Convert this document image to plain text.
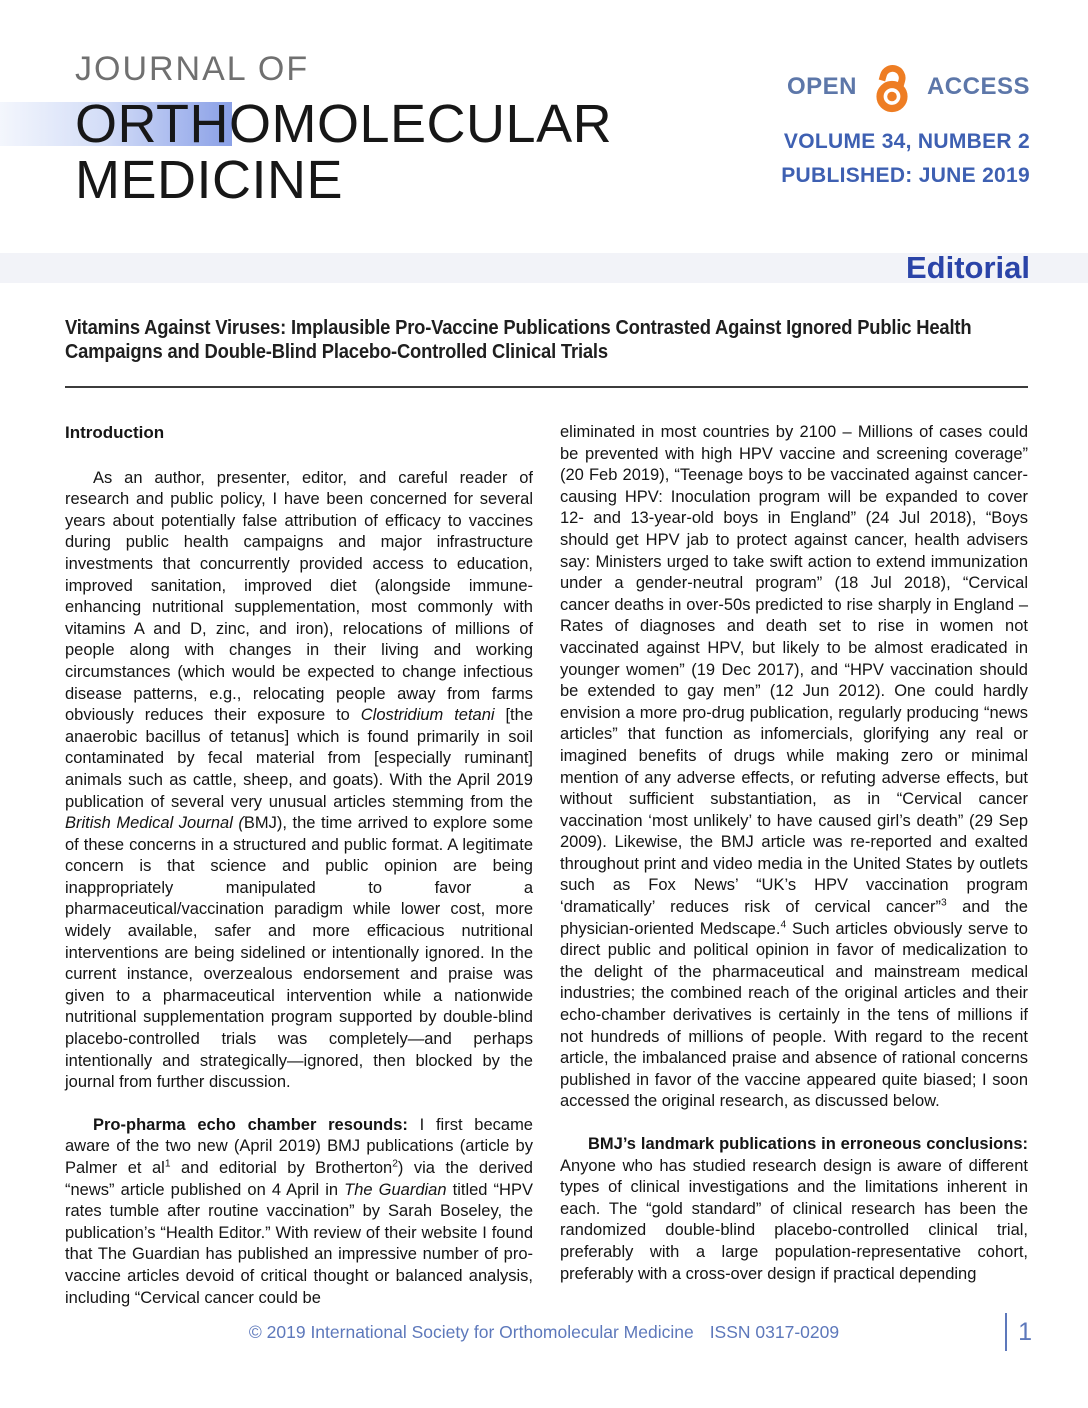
JOURNAL OF
ORTHOMOLECULAR
MEDICINE
OPEN	ACCESS
VOLUME 34, NUMBER 2
PUBLISHED: JUNE 2019
Editorial
Vitamins Against Viruses: Implausible Pro-Vaccine Publications Contrasted Against Ignored Public Health Campaigns and Double-Blind Placebo-Controlled Clinical Trials
Introduction

As an author, presenter, editor, and careful reader of research and public policy, I have been concerned for several years about potentially false attribution of efficacy to vaccines during public health campaigns and major infrastructure investments that concurrently provided access to education, improved sanitation, improved diet (alongside immune-enhancing nutritional supplementation, most commonly with vitamins A and D, zinc, and iron), relocations of millions of people along with changes in their living and working circumstances (which would be expected to change infectious disease patterns, e.g., relocating people away from farms obviously reduces their exposure to Clostridium tetani [the anaerobic bacillus of tetanus] which is found primarily in soil contaminated by fecal material from [especially ruminant] animals such as cattle, sheep, and goats). With the April 2019 publication of several very unusual articles stemming from the British Medical Journal (BMJ), the time arrived to explore some of these concerns in a structured and public format. A legitimate concern is that science and public opinion are being inappropriately manipulated to favor a pharmaceutical/vaccination paradigm while lower cost, more widely available, safer and more efficacious nutritional interventions are being sidelined or intentionally ignored. In the current instance, overzealous endorsement and praise was given to a pharmaceutical intervention while a nationwide nutritional supplementation program supported by double-blind placebo-controlled trials was completely—and perhaps intentionally and strategically—ignored, then blocked by the journal from further discussion.

Pro-pharma echo chamber resounds: I first became aware of the two new (April 2019) BMJ publications (article by Palmer et $al^1$ and editorial by Brotherton$^2$) via the derived “news” article published on 4 April in The Guardian titled “HPV rates tumble after routine vaccination” by Sarah Boseley, the publication’s “Health Editor.” With review of their website I found that The Guardian has published an impressive number of pro-vaccine articles devoid of critical thought or balanced analysis, including “Cervical cancer could be

eliminated in most countries by 2100 – Millions of cases could be prevented with high HPV vaccine and screening coverage” (20 Feb 2019), “Teenage boys to be vaccinated against cancer-causing HPV: Inoculation program will be expanded to cover 12- and 13-year-old boys in England” (24 Jul 2018), “Boys should get HPV jab to protect against cancer, health advisers say: Ministers urged to take swift action to extend immunization under a gender-neutral program” (18 Jul 2018), “Cervical cancer deaths in over-50s predicted to rise sharply in England – Rates of diagnoses and death set to rise in women not vaccinated against HPV, but likely to be almost eradicated in younger women” (19 Dec 2017), and “HPV vaccination should be extended to gay men” (12 Jun 2012). One could hardly envision a more pro-drug publication, regularly producing “news articles” that function as infomercials, glorifying any real or imagined benefits of drugs while making zero or minimal mention of any adverse effects, or refuting adverse effects, but without sufficient substantiation, as in “Cervical cancer vaccination ‘most unlikely’ to have caused girl’s death” (29 Sep 2009). Likewise, the BMJ article was re-reported and exalted throughout print and video media in the United States by outlets such as Fox News’ “UK’s HPV vaccination program ‘dramatically’ reduces risk of cervical cancer”$^3$ and the physician-oriented Medscape.$^4$ Such articles obviously serve to direct public and political opinion in favor of medicalization to the delight of the pharmaceutical and mainstream medical industries; the combined reach of the original articles and their echo-chamber derivatives is certainly in the tens of millions if not hundreds of millions of people. With regard to the recent article, the imbalanced praise and absence of rational concerns published in favor of the vaccine appeared quite biased; I soon accessed the original research, as discussed below.

BMJ’s landmark publications in erroneous conclusions: Anyone who has studied research design is aware of different types of clinical investigations and the limitations inherent in each. The “gold standard” of clinical research has been the randomized double-blind placebo-controlled clinical trial, preferably with a large population-representative cohort, preferably with a cross-over design if practical depending

© 2019 International Society for Orthomolecular Medicine ISSN 0317-0209	1
